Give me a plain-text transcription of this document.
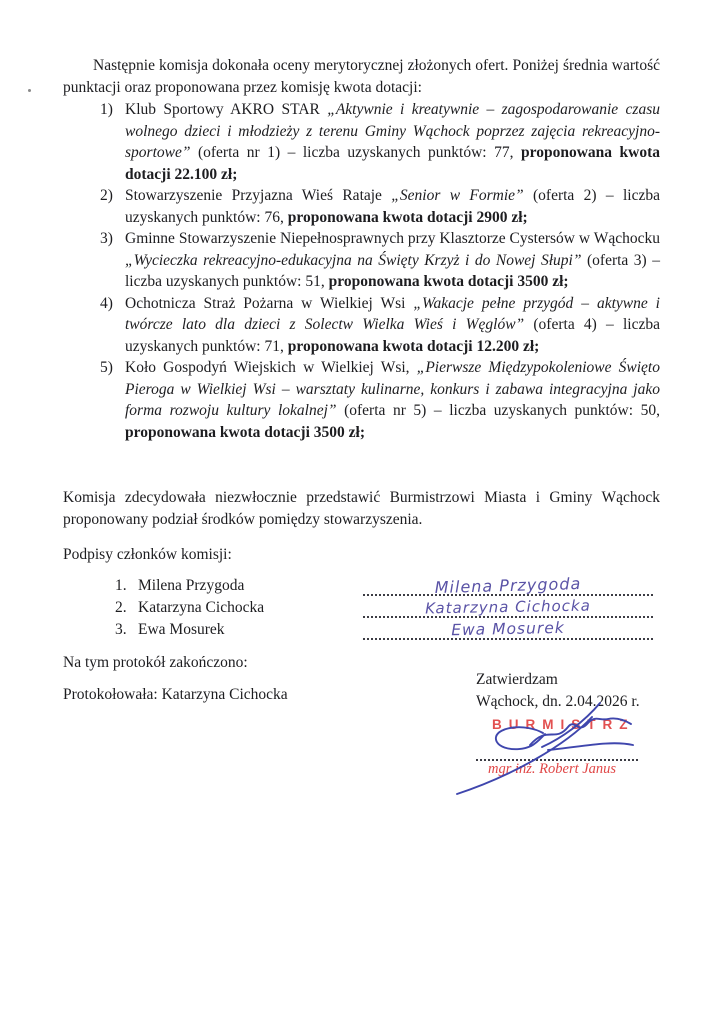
Następnie komisja dokonała oceny merytorycznej złożonych ofert. Poniżej średnia wartość punktacji oraz proponowana przez komisję kwota dotacji:

Klub Sportowy AKRO STAR „Aktywnie i kreatywnie – zagospodarowanie czasu wolnego dzieci i młodzieży z terenu Gminy Wąchock poprzez zajęcia rekreacyjno-sportowe” (oferta nr 1) – liczba uzyskanych punktów: 77, proponowana kwota dotacji 22.100 zł;
Stowarzyszenie Przyjazna Wieś Rataje „Senior w Formie” (oferta 2) – liczba uzyskanych punktów: 76, proponowana kwota dotacji 2900 zł;
Gminne Stowarzyszenie Niepełnosprawnych przy Klasztorze Cystersów w Wąchocku „Wycieczka rekreacyjno-edukacyjna na Święty Krzyż i do Nowej Słupi” (oferta 3) – liczba uzyskanych punktów: 51, proponowana kwota dotacji 3500 zł;
Ochotnicza Straż Pożarna w Wielkiej Wsi „Wakacje pełne przygód – aktywne i twórcze lato dla dzieci z Solectw Wielka Wieś i Węglów” (oferta 4) – liczba uzyskanych punktów: 71, proponowana kwota dotacji 12.200 zł;
Koło Gospodyń Wiejskich w Wielkiej Wsi, „Pierwsze Międzypokoleniowe Święto Pieroga w Wielkiej Wsi – warsztaty kulinarne, konkurs i zabawa integracyjna jako forma rozwoju kultury lokalnej” (oferta nr 5) – liczba uzyskanych punktów: 50, proponowana kwota dotacji 3500 zł;

Komisja zdecydowała niezwłocznie przedstawić Burmistrzowi Miasta i Gminy Wąchock proponowany podział środków pomiędzy stowarzyszenia.

Podpisy członków komisji:

1. Milena Przygoda	Milena Przygoda
2. Katarzyna Cichocka	Katarzyna Cichocka
3. Ewa Mosurek	Ewa Mosurek

Na tym protokół zakończono:

Protokołowała: Katarzyna Cichocka

Zatwierdzam
Wąchock, dn. 2.04.2026 r.
BURMISTRZ
mgr inż. Robert Janus
